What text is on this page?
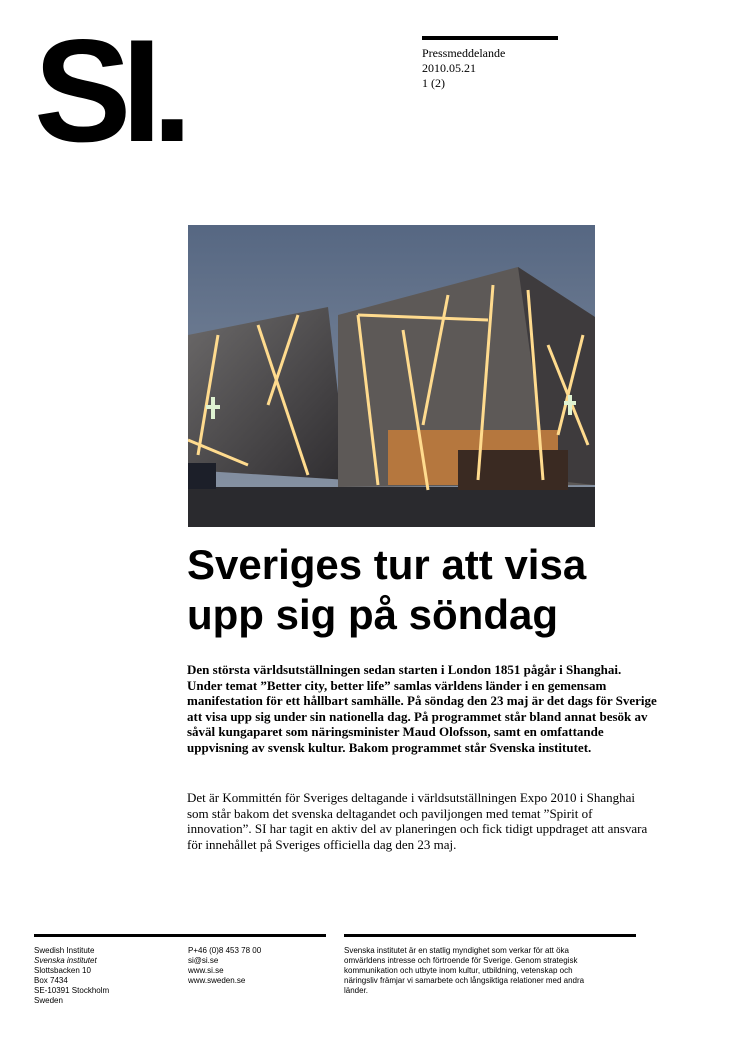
SI.	Pressmeddelande
2010.05.21
1 (2)
Sveriges tur att visa
upp sig på söndag

Den största världsutställningen sedan starten i London 1851 pågår i Shanghai. Under temat ”Better city, better life” samlas världens länder i en gemensam manifestation för ett hållbart samhälle. På söndag den 23 maj är det dags för Sverige att visa upp sig under sin nationella dag. På programmet står bland annat besök av såväl kungaparet som näringsminister Maud Olofsson, samt en omfattande uppvisning av svensk kultur. Bakom programmet står Svenska institutet.

Det är Kommittén för Sveriges deltagande i världsutställningen Expo 2010 i Shanghai som står bakom det svenska deltagandet och paviljongen med temat ”Spirit of innovation”. SI har tagit en aktiv del av planeringen och fick tidigt uppdraget att ansvara för innehållet på Sveriges officiella dag den 23 maj.

Swedish Institute
Svenska institutet
Slottsbacken 10
Box 7434
SE-10391 Stockholm
Sweden
P+46 (0)8 453 78 00
si@si.se
www.si.se
www.sweden.se
Svenska institutet är en statlig myndighet som verkar för att öka
omvärldens intresse och förtroende för Sverige. Genom strategisk
kommunikation och utbyte inom kultur, utbildning, vetenskap och
näringsliv främjar vi samarbete och långsiktiga relationer med andra
länder.
